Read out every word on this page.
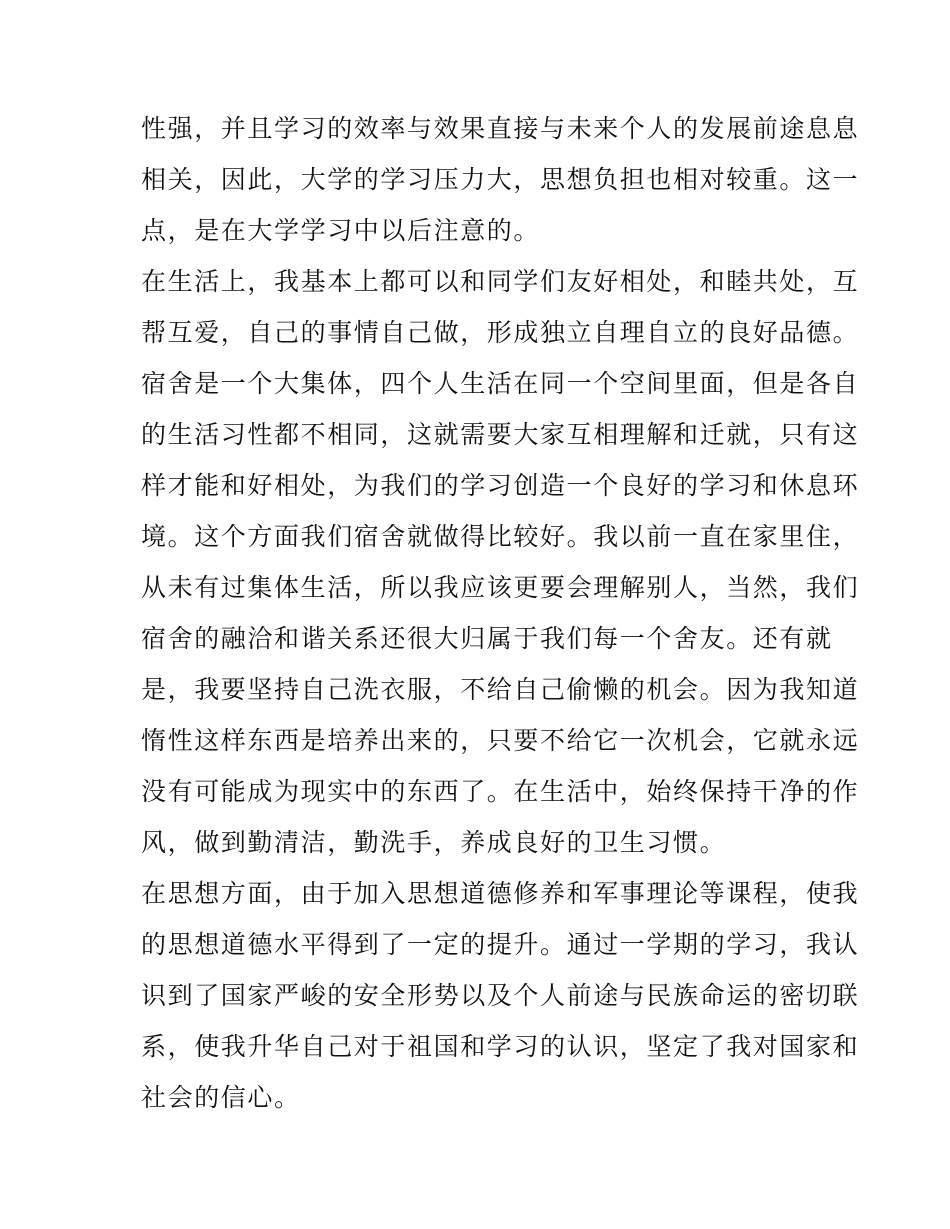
性强，并且学习的效率与效果直接与未来个人的发展前途息息
相关，因此，大学的学习压力大，思想负担也相对较重。这一
点，是在大学学习中以后注意的。
在生活上，我基本上都可以和同学们友好相处，和睦共处，互
帮互爱，自己的事情自己做，形成独立自理自立的良好品德。
宿舍是一个大集体，四个人生活在同一个空间里面，但是各自
的生活习性都不相同，这就需要大家互相理解和迁就，只有这
样才能和好相处，为我们的学习创造一个良好的学习和休息环
境。这个方面我们宿舍就做得比较好。我以前一直在家里住，
从未有过集体生活，所以我应该更要会理解别人，当然，我们
宿舍的融洽和谐关系还很大归属于我们每一个舍友。还有就
是，我要坚持自己洗衣服，不给自己偷懒的机会。因为我知道
惰性这样东西是培养出来的，只要不给它一次机会，它就永远
没有可能成为现实中的东西了。在生活中，始终保持干净的作
风，做到勤清洁，勤洗手，养成良好的卫生习惯。
在思想方面，由于加入思想道德修养和军事理论等课程，使我
的思想道德水平得到了一定的提升。通过一学期的学习，我认
识到了国家严峻的安全形势以及个人前途与民族命运的密切联
系，使我升华自己对于祖国和学习的认识，坚定了我对国家和
社会的信心。
